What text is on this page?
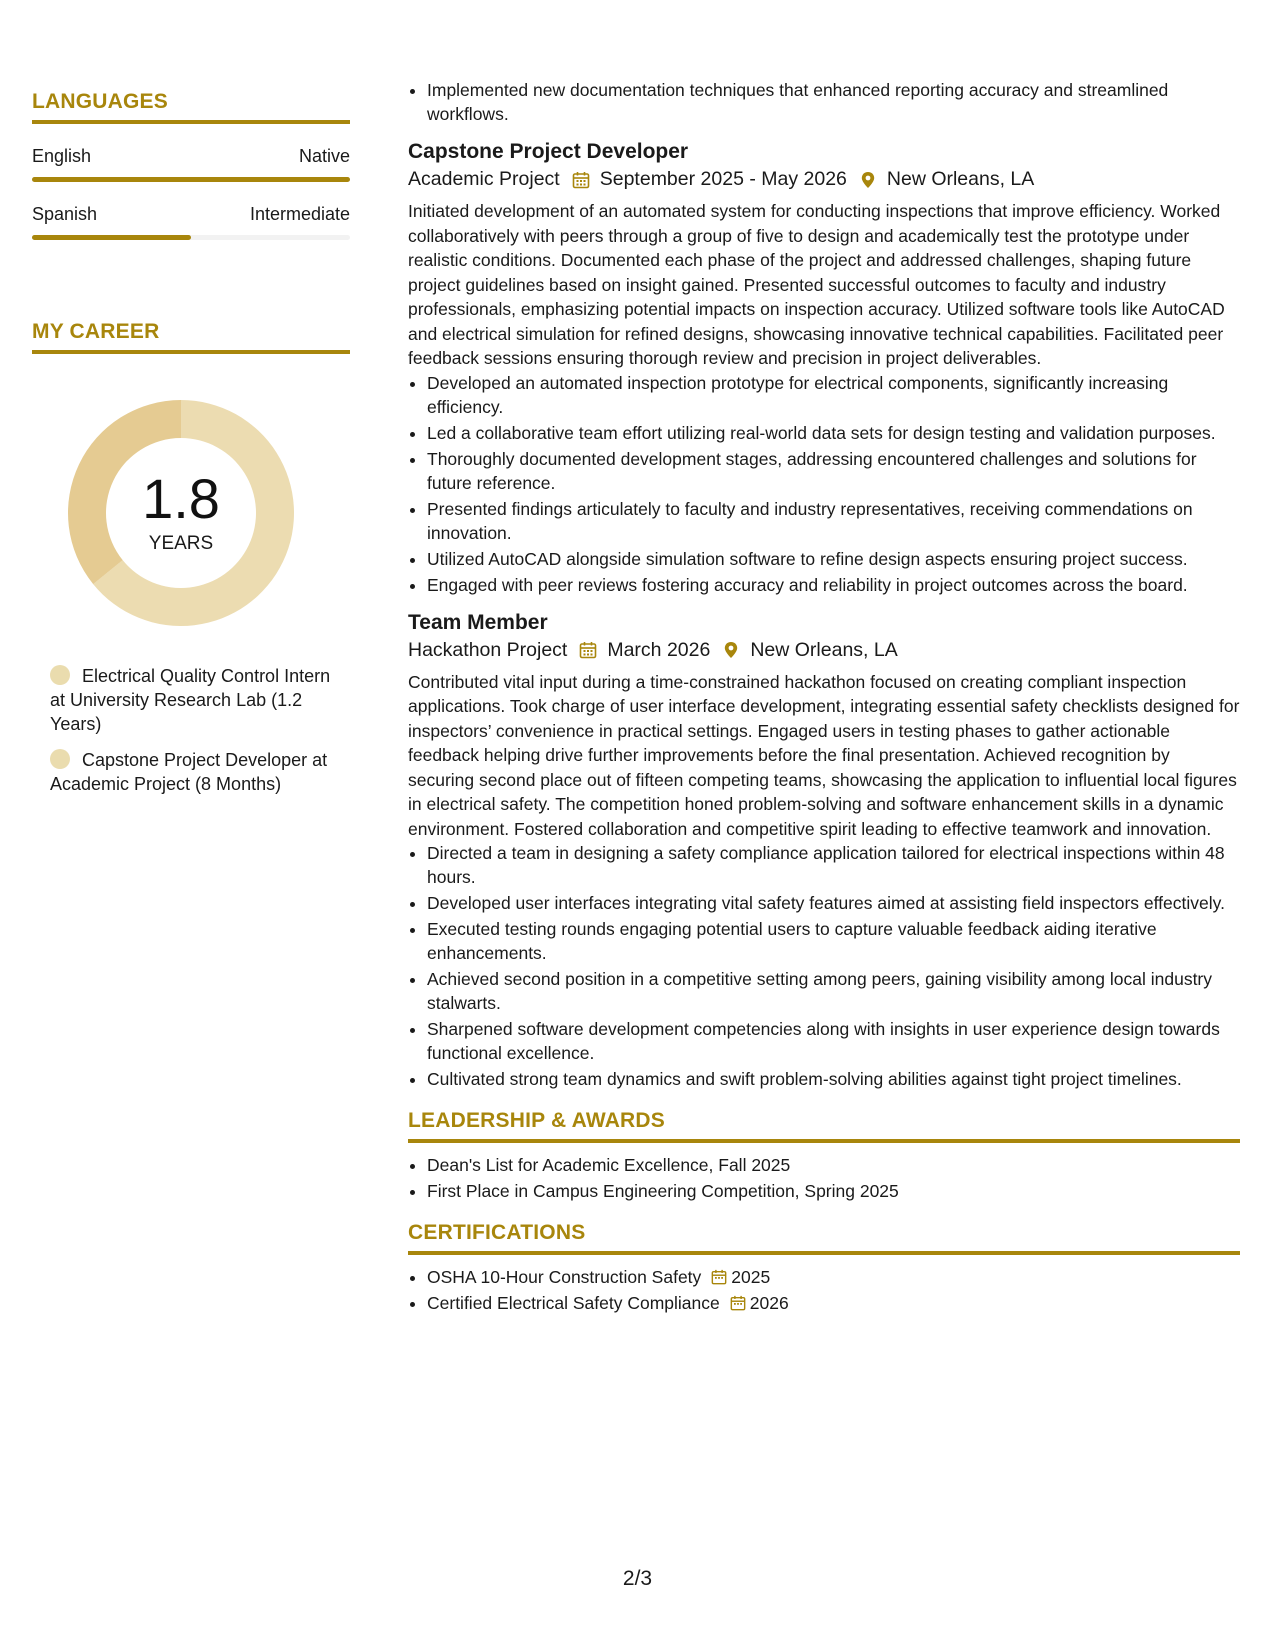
LANGUAGES
English	Native
Spanish	Intermediate
MY CAREER
1.8
YEARS
Electrical Quality Control Intern at University Research Lab (1.2 Years)
Capstone Project Developer at Academic Project (8 Months)
• Implemented new documentation techniques that enhanced reporting accuracy and streamlined workflows.
Capstone Project Developer
Academic Project September 2025 - May 2026 New Orleans, LA

Initiated development of an automated system for conducting inspections that improve efficiency. Worked collaboratively with peers through a group of five to design and academically test the prototype under realistic conditions. Documented each phase of the project and addressed challenges, shaping future project guidelines based on insight gained. Presented successful outcomes to faculty and industry professionals, emphasizing potential impacts on inspection accuracy. Utilized software tools like AutoCAD and electrical simulation for refined designs, showcasing innovative technical capabilities. Facilitated peer feedback sessions ensuring thorough review and precision in project deliverables.

• Developed an automated inspection prototype for electrical components, significantly increasing efficiency.
• Led a collaborative team effort utilizing real-world data sets for design testing and validation purposes.
• Thoroughly documented development stages, addressing encountered challenges and solutions for future reference.
• Presented findings articulately to faculty and industry representatives, receiving commendations on innovation.
• Utilized AutoCAD alongside simulation software to refine design aspects ensuring project success.
• Engaged with peer reviews fostering accuracy and reliability in project outcomes across the board.
Team Member
Hackathon Project March 2026 New Orleans, LA

Contributed vital input during a time-constrained hackathon focused on creating compliant inspection applications. Took charge of user interface development, integrating essential safety checklists designed for inspectors’ convenience in practical settings. Engaged users in testing phases to gather actionable feedback helping drive further improvements before the final presentation. Achieved recognition by securing second place out of fifteen competing teams, showcasing the application to influential local figures in electrical safety. The competition honed problem-solving and software enhancement skills in a dynamic environment. Fostered collaboration and competitive spirit leading to effective teamwork and innovation.

• Directed a team in designing a safety compliance application tailored for electrical inspections within 48 hours.
• Developed user interfaces integrating vital safety features aimed at assisting field inspectors effectively.
• Executed testing rounds engaging potential users to capture valuable feedback aiding iterative enhancements.
• Achieved second position in a competitive setting among peers, gaining visibility among local industry stalwarts.
• Sharpened software development competencies along with insights in user experience design towards functional excellence.
• Cultivated strong team dynamics and swift problem-solving abilities against tight project timelines.
LEADERSHIP & AWARDS
• Dean's List for Academic Excellence, Fall 2025
• First Place in Campus Engineering Competition, Spring 2025
CERTIFICATIONS
• OSHA 10-Hour Construction Safety 2025
• Certified Electrical Safety Compliance 2026
2/3
